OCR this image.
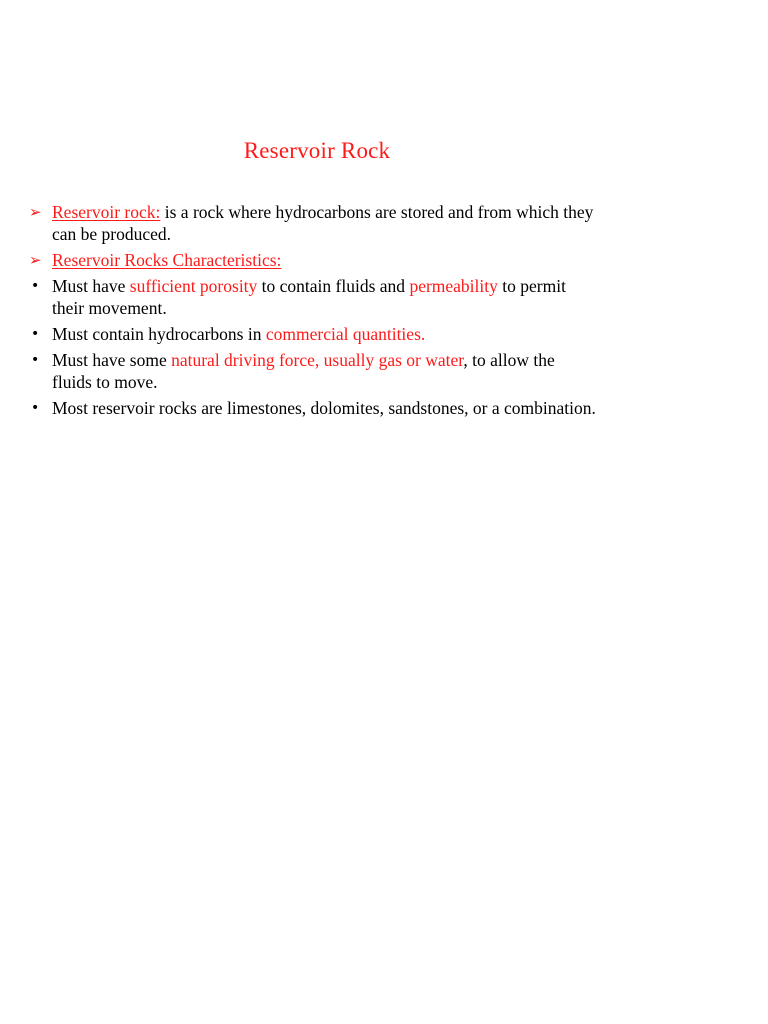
Reservoir Rock
➢ Reservoir rock: is a rock where hydrocarbons are stored and from which they can be produced.
➢ Reservoir Rocks Characteristics:
• Must have sufficient porosity to contain fluids and permeability to permit their movement.
• Must contain hydrocarbons in commercial quantities.
• Must have some natural driving force, usually gas or water, to allow the fluids to move.
• Most reservoir rocks are limestones, dolomites, sandstones, or a combination.
